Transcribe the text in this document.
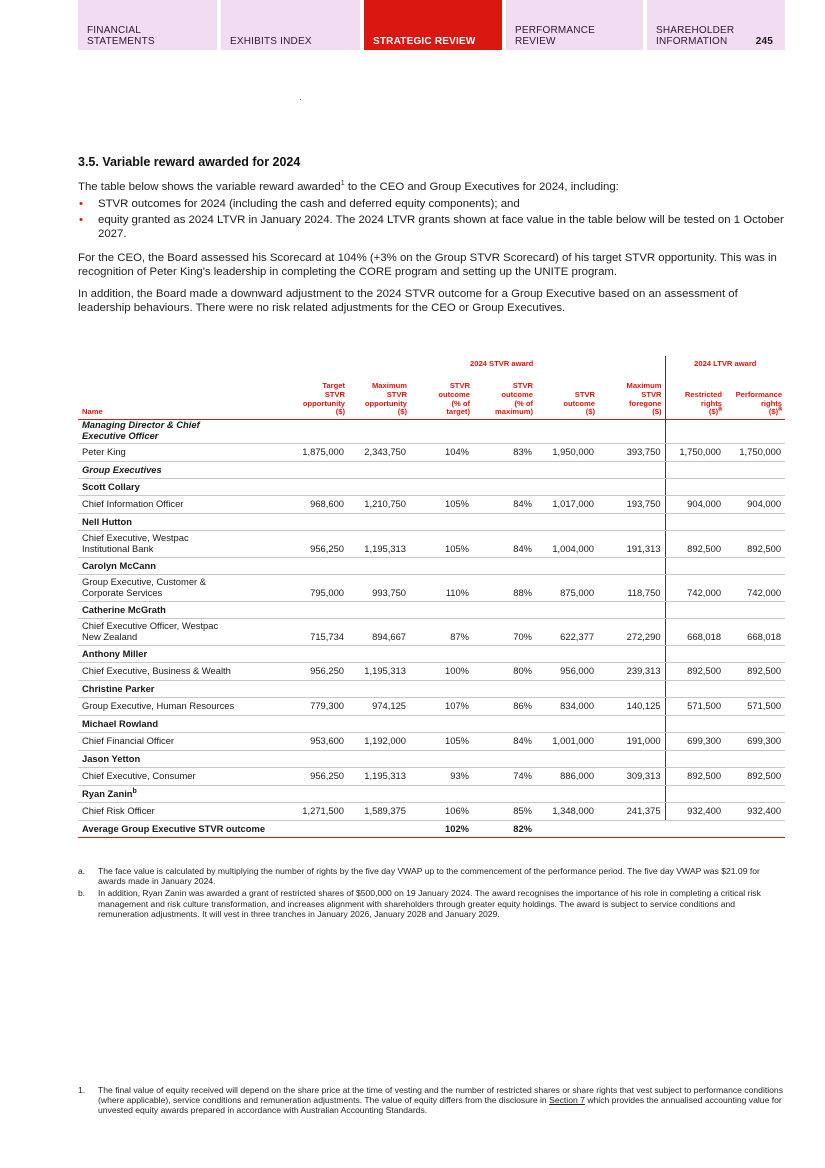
FINANCIAL
STATEMENTS	EXHIBITS INDEX	STRATEGIC REVIEW
PERFORMANCE
REVIEW
SHAREHOLDER
INFORMATION	245
3.5. Variable reward awarded for 2024

The table below shows the variable reward awarded$^1$ to the CEO and Group Executives for 2024, including:

• STVR outcomes for 2024 (including the cash and deferred equity components); and
• equity granted as 2024 LTVR in January 2024. The 2024 LTVR grants shown at face value in the table below will be tested on 1 October 2027.

For the CEO, the Board assessed his Scorecard at 104% (+3% on the Group STVR Scorecard) of his target STVR opportunity. This was in recognition of Peter King's leadership in completing the CORE program and setting up the UNITE program.

In addition, the Board made a downward adjustment to the 2024 STVR outcome for a Group Executive based on an assessment of leadership behaviours. There were no risk related adjustments for the CEO or Group Executives.

			2024 STVR award				2024 LTVR award	
Name	Target
STVR
opportunity
($)	Maximum
STVR
opportunity
($)	STVR
outcome
(% of
target)	STVR
outcome
(% of
maximum)	STVR
outcome
($)	Maximum
STVR
foregone
($)	Restricted
rights
($)$^a$	Performance
rights
($)$^a$
Managing Director & Chief
Executive Officer								
Peter King	1,875,000	2,343,750	104%	83%	1,950,000	393,750	1,750,000	1,750,000
Group Executives								
Scott Collary								
Chief Information Officer	968,600	1,210,750	105%	84%	1,017,000	193,750	904,000	904,000
Nell Hutton								
Chief Executive, Westpac
Institutional Bank	956,250	1,195,313	105%	84%	1,004,000	191,313	892,500	892,500
Carolyn McCann								
Group Executive, Customer &
Corporate Services	795,000	993,750	110%	88%	875,000	118,750	742,000	742,000
Catherine McGrath								
Chief Executive Officer, Westpac
New Zealand	715,734	894,667	87%	70%	622,377	272,290	668,018	668,018
Anthony Miller								
Chief Executive, Business & Wealth	956,250	1,195,313	100%	80%	956,000	239,313	892,500	892,500
Christine Parker								
Group Executive, Human Resources	779,300	974,125	107%	86%	834,000	140,125	571,500	571,500
Michael Rowland								
Chief Financial Officer	953,600	1,192,000	105%	84%	1,001,000	191,000	699,300	699,300
Jason Yetton								
Chief Executive, Consumer	956,250	1,195,313	93%	74%	886,000	309,313	892,500	892,500
Ryan Zanin$^b$								
Chief Risk Officer	1,271,500	1,589,375	106%	85%	1,348,000	241,375	932,400	932,400
Average Group Executive STVR outcome			102%	82%				
a.	The face value is calculated by multiplying the number of rights by the five day VWAP up to the commencement of the performance period. The five day VWAP was $21.09 for awards made in January 2024.
b.	In addition, Ryan Zanin was awarded a grant of restricted shares of $500,000 on 19 January 2024. The award recognises the importance of his role in completing a critical risk management and risk culture transformation, and increases alignment with shareholders through greater equity holdings. The award is subject to service conditions and remuneration adjustments. It will vest in three tranches in January 2026, January 2028 and January 2029.
1.	The final value of equity received will depend on the share price at the time of vesting and the number of restricted shares or share rights that vest subject to performance conditions (where applicable), service conditions and remuneration adjustments. The value of equity differs from the disclosure in Section 7 which provides the annualised accounting value for unvested equity awards prepared in accordance with Australian Accounting Standards.
